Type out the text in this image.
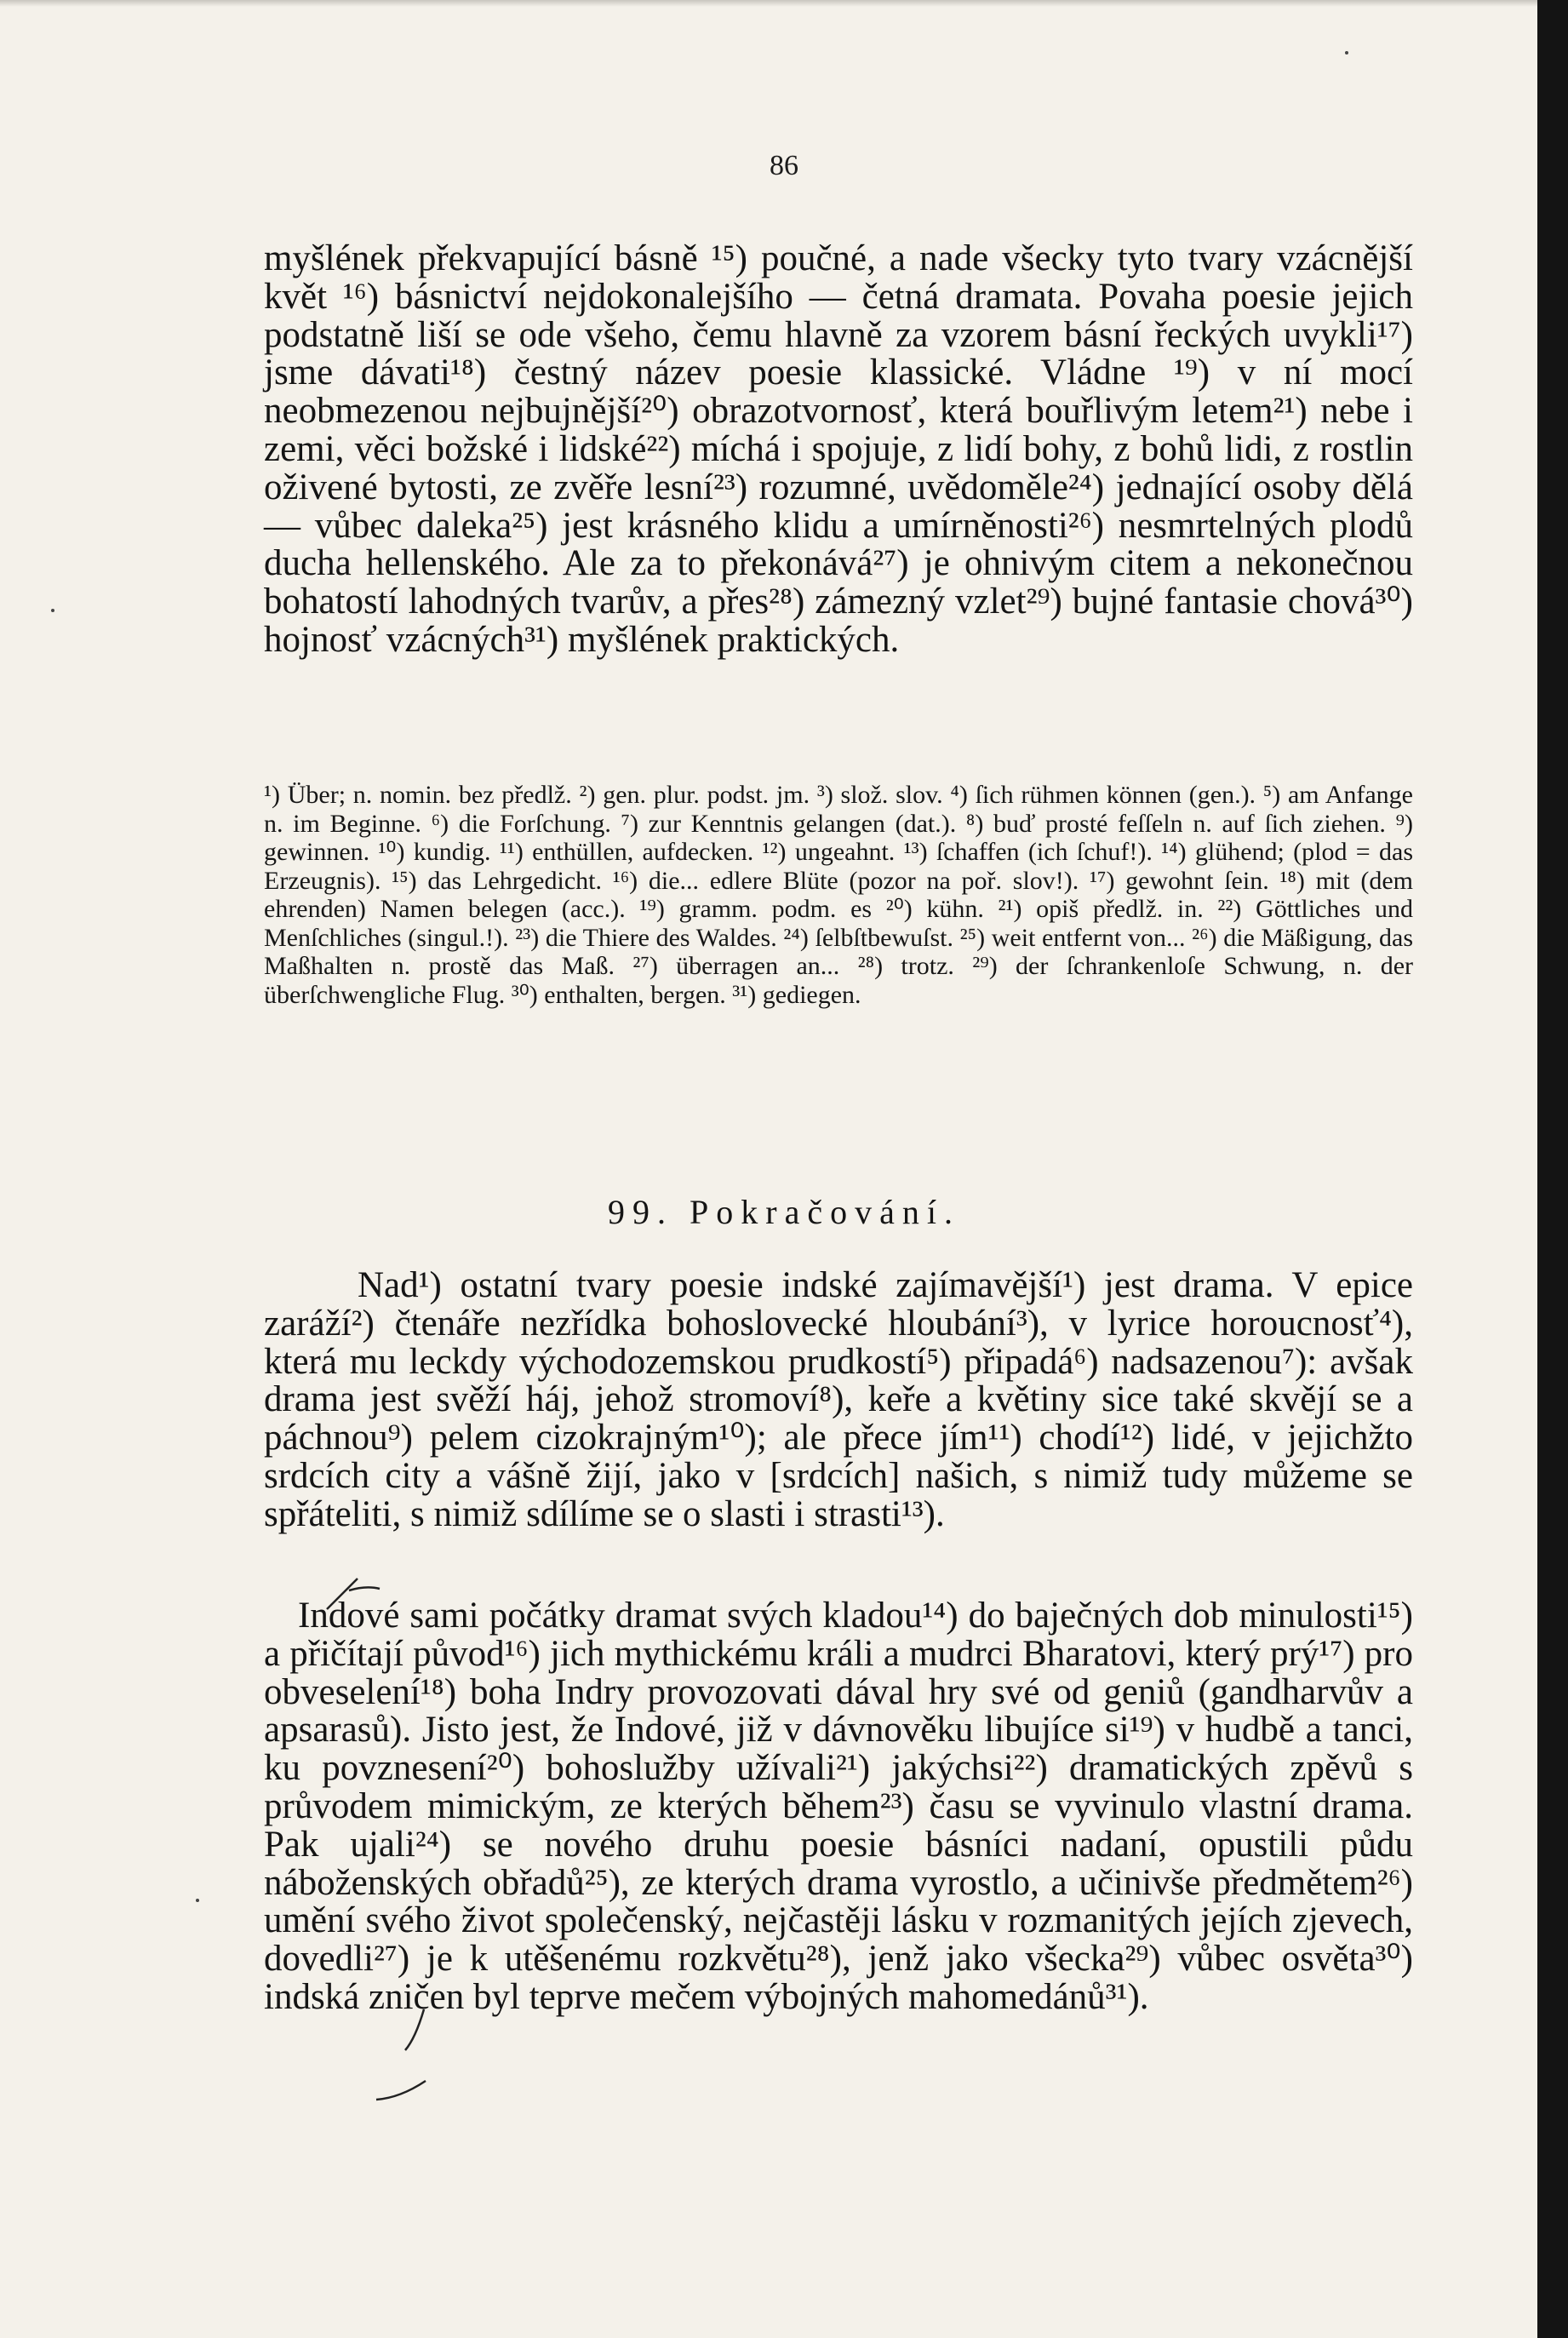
86

myšlének překvapující básně ¹⁵) poučné, a nade všecky tyto tvary vzácnější květ ¹⁶) básnictví nejdokonalejšího — četná dramata. Povaha poesie jejich podstatně liší se ode všeho, čemu hlavně za vzorem básní řeckých uvykli¹⁷) jsme dávati¹⁸) čestný název poesie klassické. Vládne ¹⁹) v ní mocí neobmezenou nejbujnější²⁰) obrazotvornosť, která bouřlivým letem²¹) nebe i zemi, věci božské i lidské²²) míchá i spojuje, z lidí bohy, z bohů lidi, z rostlin oživené bytosti, ze zvěře lesní²³) rozumné, uvědoměle²⁴) jednající osoby dělá — vůbec daleka²⁵) jest krásného klidu a umírněnosti²⁶) nesmrtelných plodů ducha hellenského. Ale za to překonává²⁷) je ohnivým citem a nekonečnou bohatostí lahodných tvarův, a přes²⁸) zámezný vzlet²⁹) bujné fantasie chová³⁰) hojnosť vzácných³¹) myšlének praktických.

¹) Über; n. nomin. bez předlž. ²) gen. plur. podst. jm. ³) slož. slov. ⁴) ſich rühmen können (gen.). ⁵) am Anfange n. im Beginne. ⁶) die Forſchung. ⁷) zur Kenntnis gelangen (dat.). ⁸) buď prosté feſſeln n. auf ſich ziehen. ⁹) gewinnen. ¹⁰) kundig. ¹¹) enthüllen, aufdecken. ¹²) ungeahnt. ¹³) ſchaffen (ich ſchuf!). ¹⁴) glühend; (plod = das Erzeugnis). ¹⁵) das Lehrgedicht. ¹⁶) die... edlere Blüte (pozor na poř. slov!). ¹⁷) gewohnt ſein. ¹⁸) mit (dem ehrenden) Namen belegen (acc.). ¹⁹) gramm. podm. es ²⁰) kühn. ²¹) opiš předlž. in. ²²) Göttliches und Menſchliches (singul.!). ²³) die Thiere des Waldes. ²⁴) ſelbſtbewuſst. ²⁵) weit entfernt von... ²⁶) die Mäßigung, das Maßhalten n. prostě das Maß. ²⁷) überragen an... ²⁸) trotz. ²⁹) der ſchrankenloſe Schwung, n. der überſchwengliche Flug. ³⁰) enthalten, bergen. ³¹) gediegen.

99. Pokračování.

Nad¹) ostatní tvary poesie indské zajímavější¹) jest drama. V epice zaráží²) čtenáře nezřídka bohoslovecké hloubání³), v lyrice horoucnosť⁴), která mu leckdy východozemskou prudkostí⁵) připadá⁶) nadsazenou⁷): avšak drama jest svěží háj, jehož stromoví⁸), keře a květiny sice také skvějí se a páchnou⁹) pelem cizokrajným¹⁰); ale přece jím¹¹) chodí¹²) lidé, v jejichžto srdcích city a vášně žijí, jako v [srdcích] našich, s nimiž tudy můžeme se spřáteliti, s nimiž sdílíme se o slasti i strasti¹³).

Indové sami počátky dramat svých kladou¹⁴) do baječných dob minulosti¹⁵) a přičítají původ¹⁶) jich mythickému králi a mudrci Bharatovi, který prý¹⁷) pro obveselení¹⁸) boha Indry provozovati dával hry své od geniů (gandharvův a apsarasů). Jisto jest, že Indové, již v dávnověku libujíce si¹⁹) v hudbě a tanci, ku povznesení²⁰) bohoslužby užívali²¹) jakýchsi²²) dramatických zpěvů s průvodem mimickým, ze kterých během²³) času se vyvinulo vlastní drama. Pak ujali²⁴) se nového druhu poesie básníci nadaní, opustili půdu náboženských obřadů²⁵), ze kterých drama vyrostlo, a učinivše předmětem²⁶) umění svého život společenský, nejčastěji lásku v rozmanitých jejích zjevech, dovedli²⁷) je k utěšenému rozkvětu²⁸), jenž jako všecka²⁹) vůbec osvěta³⁰) indská zničen byl teprve mečem výbojných mahomedánů³¹).
